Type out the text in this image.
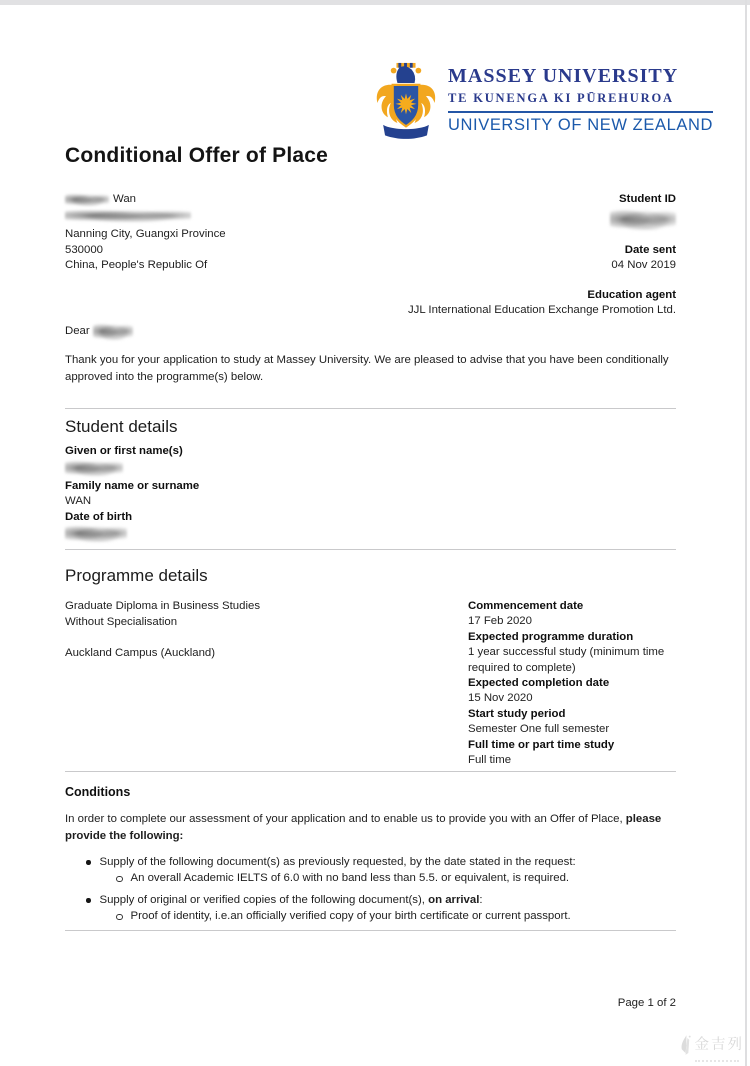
MASSEY UNIVERSITY
TE KUNENGA KI PŪREHUROA
UNIVERSITY OF NEW ZEALAND
Conditional Offer of Place
Wan
Nanning City, Guangxi Province
530000
China, People's Republic Of
Student ID
Date sent
04 Nov 2019
Education agent
JJL International Education Exchange Promotion Ltd.
Dear
Thank you for your application to study at Massey University. We are pleased to advise that you have been conditionally
approved into the programme(s) below.
Student details
Given or first name(s)
Family name or surname
WAN
Date of birth
Programme details
Graduate Diploma in Business Studies
Without Specialisation
Auckland Campus (Auckland)
Commencement date
17 Feb 2020
Expected programme duration
1 year successful study (minimum time required to complete)
Expected completion date
15 Nov 2020
Start study period
Semester One full semester
Full time or part time study
Full time
Conditions
In order to complete our assessment of your application and to enable us to provide you with an Offer of Place, please
provide the following:
Supply of the following document(s) as previously requested, by the date stated in the request:
An overall Academic IELTS of 6.0 with no band less than 5.5. or equivalent, is required.
Supply of original or verified copies of the following document(s), on arrival:
Proof of identity, i.e.an officially verified copy of your birth certificate or current passport.
Page 1 of 2
金吉列
